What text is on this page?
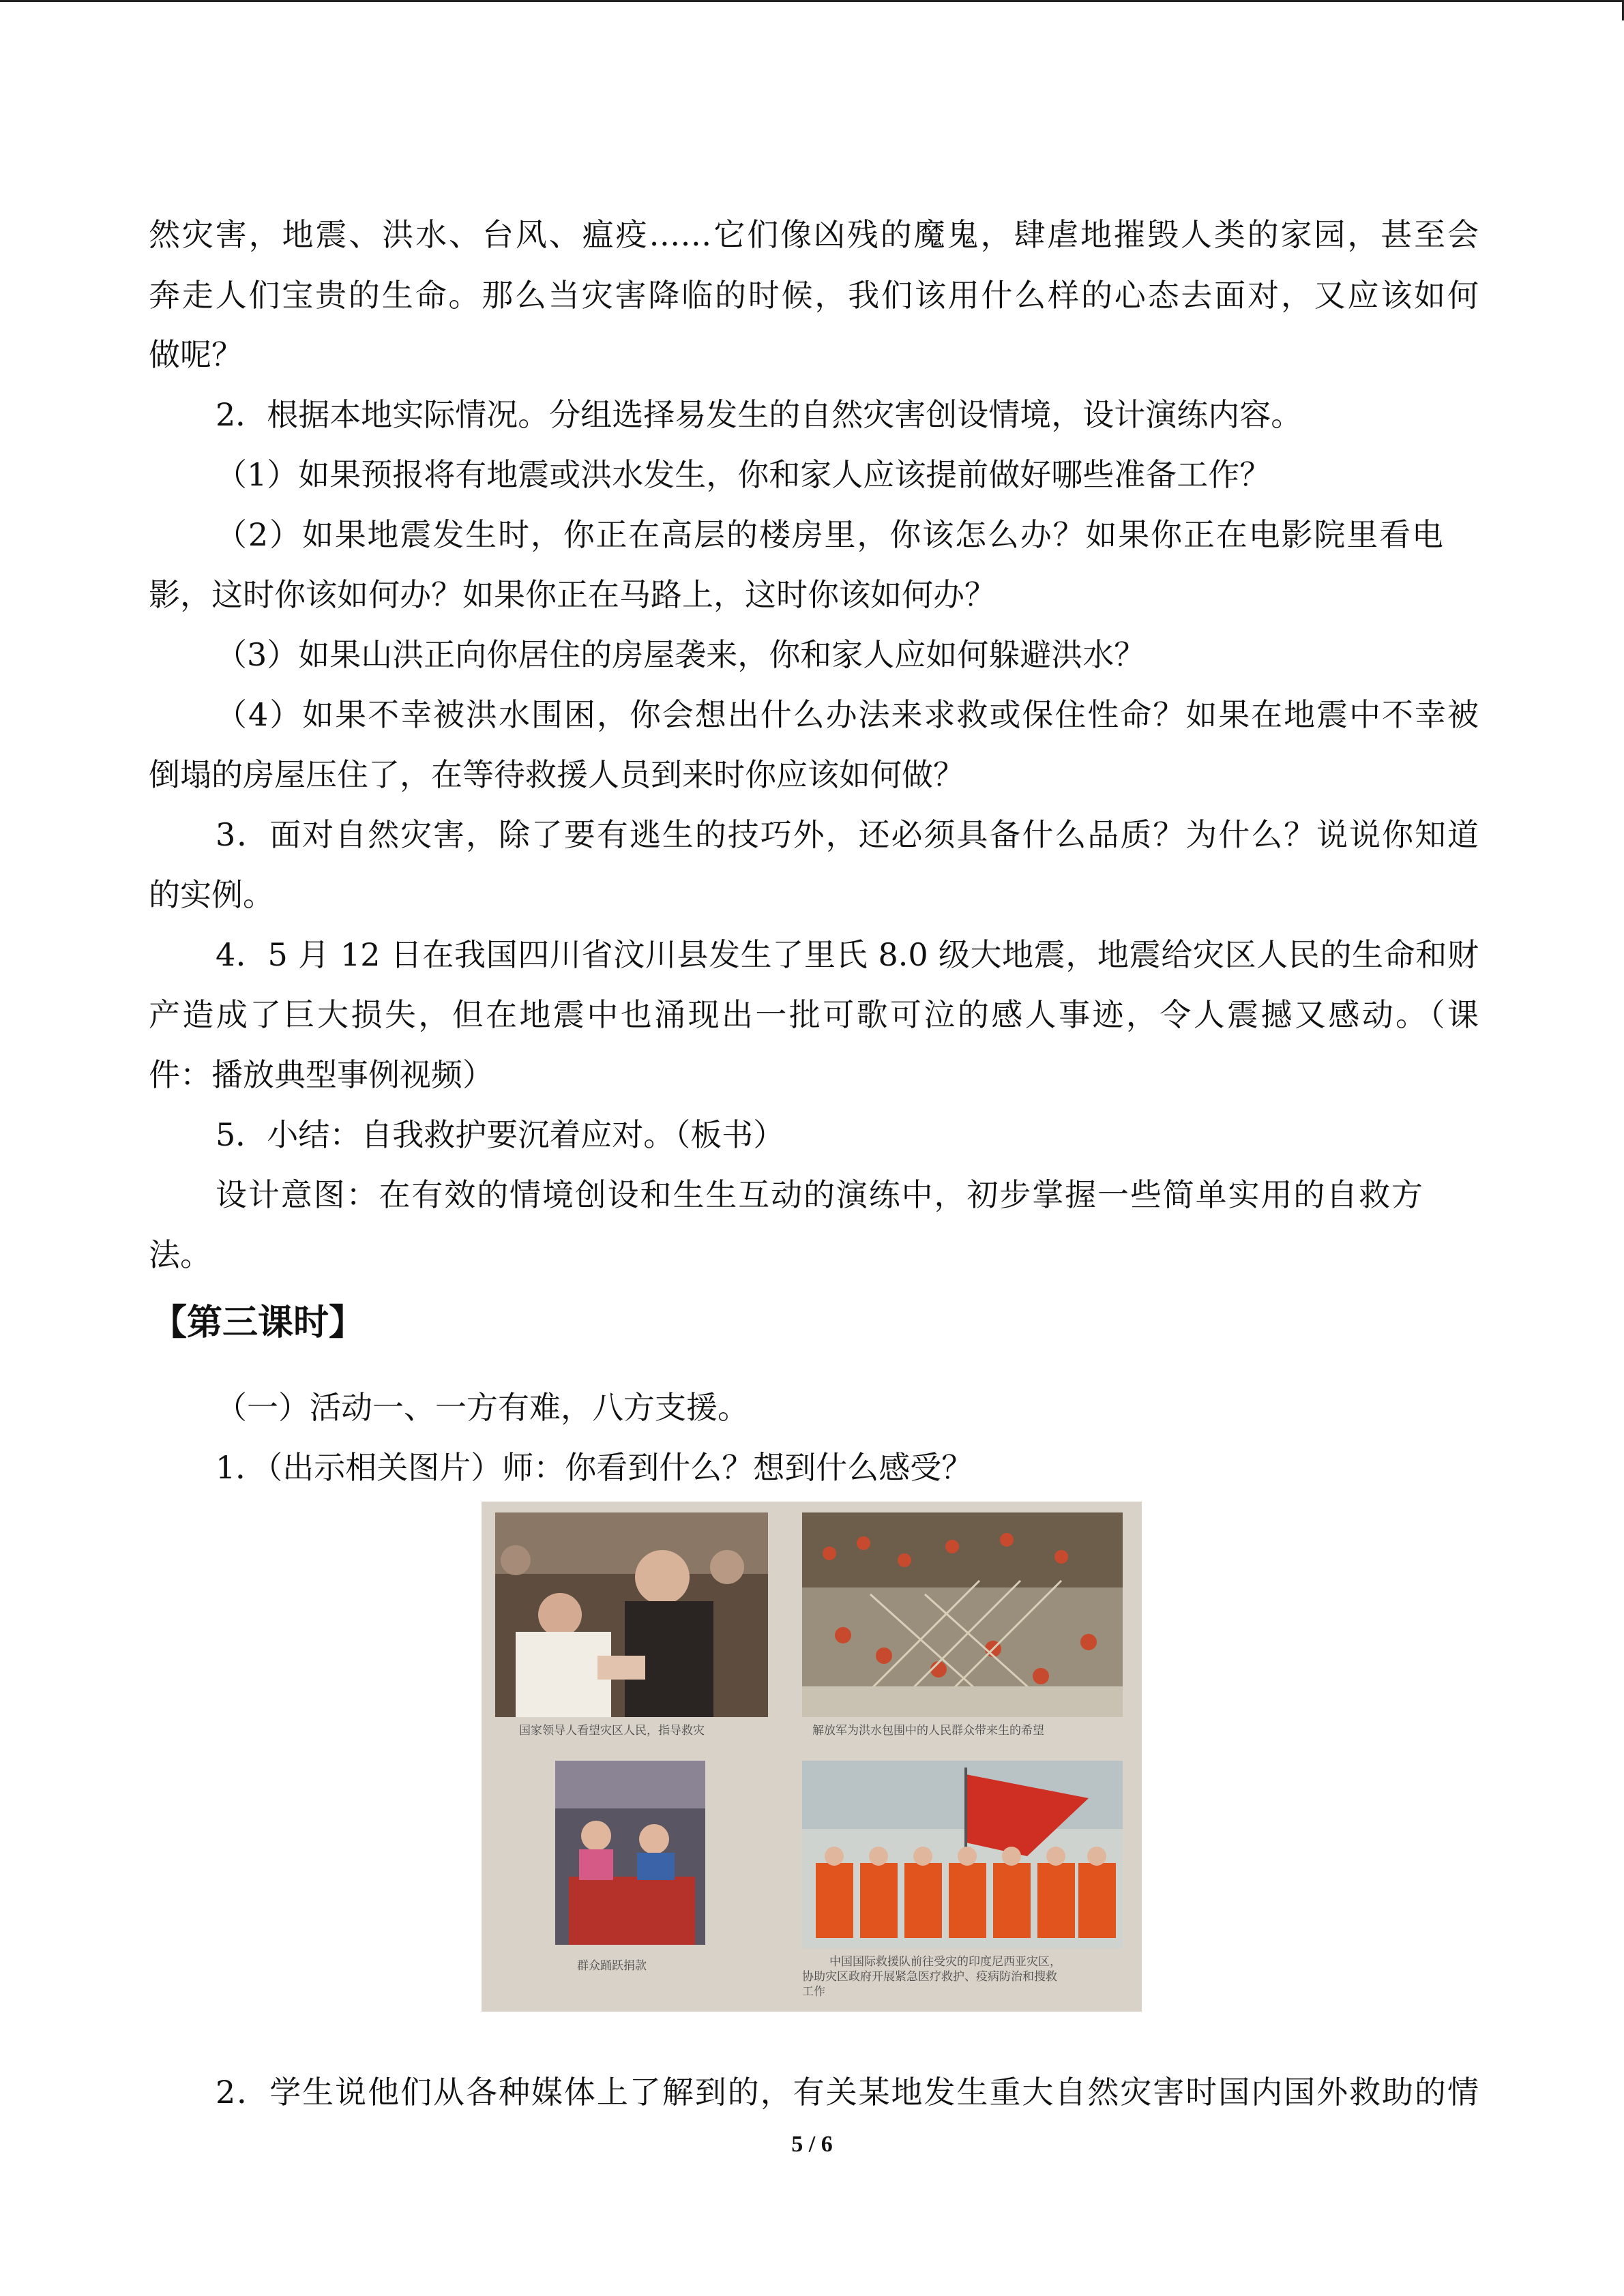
然灾害，地震、洪水、台风、瘟疫……它们像凶残的魔鬼，肆虐地摧毁人类的家园，甚至会
奔走人们宝贵的生命。那么当灾害降临的时候，我们该用什么样的心态去面对，又应该如何
做呢？
2．根据本地实际情况。分组选择易发生的自然灾害创设情境，设计演练内容。
（1）如果预报将有地震或洪水发生，你和家人应该提前做好哪些准备工作？
（2）如果地震发生时，你正在高层的楼房里，你该怎么办？如果你正在电影院里看电
影，这时你该如何办？如果你正在马路上，这时你该如何办？
（3）如果山洪正向你居住的房屋袭来，你和家人应如何躲避洪水？
（4）如果不幸被洪水围困，你会想出什么办法来求救或保住性命？如果在地震中不幸被
倒塌的房屋压住了，在等待救援人员到来时你应该如何做？
3．面对自然灾害，除了要有逃生的技巧外，还必须具备什么品质？为什么？说说你知道
的实例。
4．5 月 12 日在我国四川省汶川县发生了里氏 8.0 级大地震，地震给灾区人民的生命和财
产造成了巨大损失，但在地震中也涌现出一批可歌可泣的感人事迹，令人震撼又感动。（课
件：播放典型事例视频）
5．小结：自我救护要沉着应对。（板书）
设计意图：在有效的情境创设和生生互动的演练中，初步掌握一些简单实用的自救方
法。
【第三课时】
（一）活动一、一方有难，八方支援。
1．（出示相关图片）师：你看到什么？想到什么感受？
国家领导人看望灾区人民，指导救灾	解放军为洪水包围中的人民群众带来生的希望
群众踊跃捐款	中国国际救援队前往受灾的印度尼西亚灾区，
协助灾区政府开展紧急医疗救护、疫病防治和搜救
工作
2．学生说他们从各种媒体上了解到的，有关某地发生重大自然灾害时国内国外救助的情
5 / 6
